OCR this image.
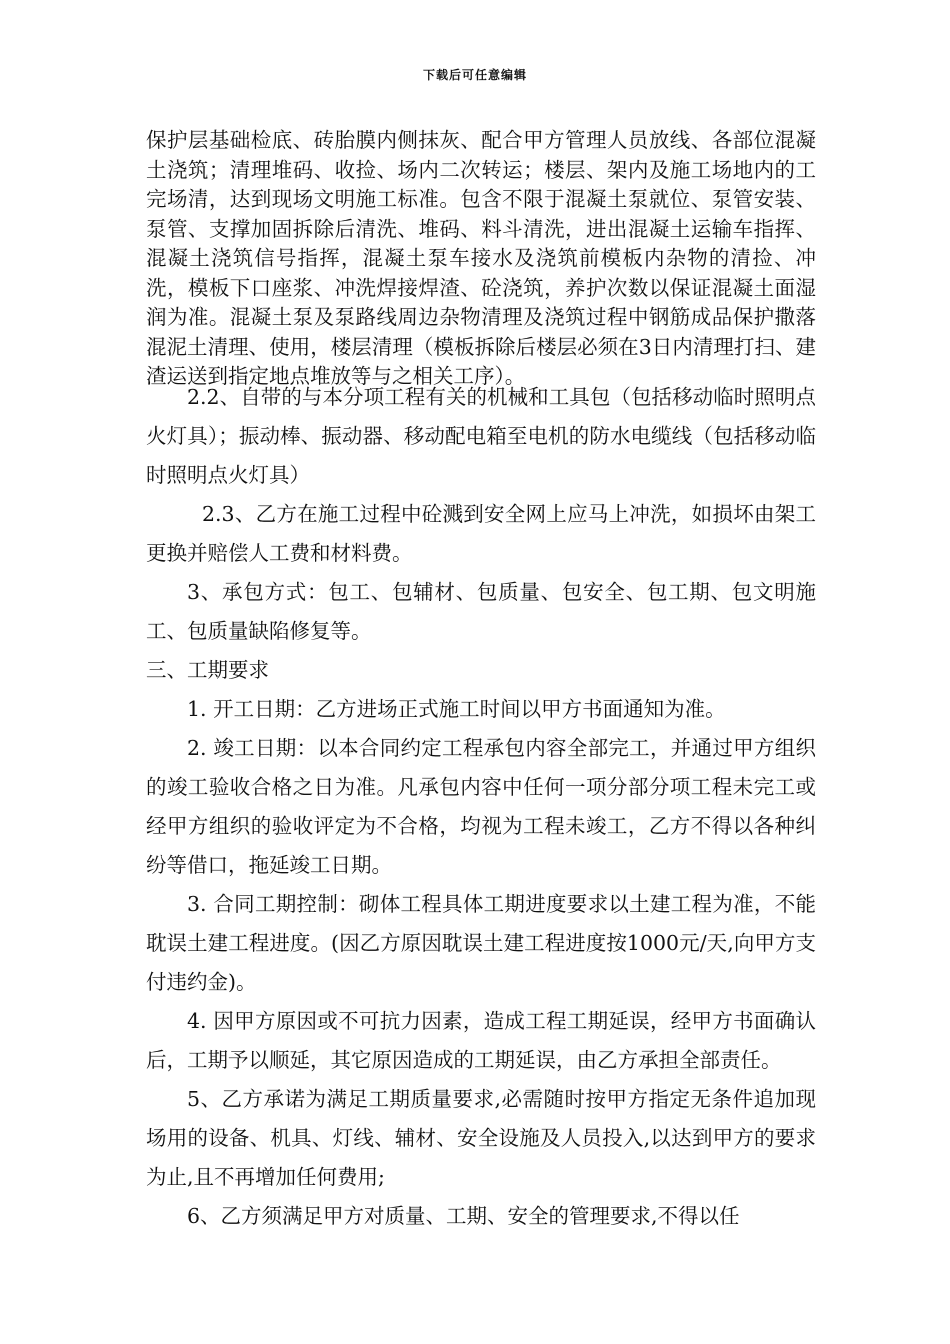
下载后可任意编辑
保护层基础检底、砖胎膜内侧抹灰、配合甲方管理人员放线、各部位混凝土浇筑；清理堆码、收捡、场内二次转运；楼层、架内及施工场地内的工完场清，达到现场文明施工标准。包含不限于混凝土泵就位、泵管安装、泵管、支撑加固拆除后清洗、堆码、料斗清洗，进出混凝土运输车指挥、混凝土浇筑信号指挥，混凝土泵车接水及浇筑前模板内杂物的清捡、冲洗，模板下口座浆、冲洗焊接焊渣、砼浇筑，养护次数以保证混凝土面湿润为准。混凝土泵及泵路线周边杂物清理及浇筑过程中钢筋成品保护撒落混泥土清理、使用，楼层清理（模板拆除后楼层必须在3日内清理打扫、建渣运送到指定地点堆放等与之相关工序）。

2.2、自带的与本分项工程有关的机械和工具包（包括移动临时照明点火灯具）；振动棒、振动器、移动配电箱至电机的防水电缆线（包括移动临时照明点火灯具）

2.3、乙方在施工过程中砼溅到安全网上应马上冲洗，如损坏由架工更换并赔偿人工费和材料费。

3、承包方式：包工、包辅材、包质量、包安全、包工期、包文明施工、包质量缺陷修复等。

三、工期要求

1. 开工日期：乙方进场正式施工时间以甲方书面通知为准。

2. 竣工日期：以本合同约定工程承包内容全部完工，并通过甲方组织的竣工验收合格之日为准。凡承包内容中任何一项分部分项工程未完工或经甲方组织的验收评定为不合格，均视为工程未竣工，乙方不得以各种纠纷等借口，拖延竣工日期。

3. 合同工期控制：砌体工程具体工期进度要求以土建工程为准，不能耽误土建工程进度。(因乙方原因耽误土建工程进度按1000元/天,向甲方支付违约金)。

4. 因甲方原因或不可抗力因素，造成工程工期延误，经甲方书面确认后，工期予以顺延，其它原因造成的工期延误，由乙方承担全部责任。

5、乙方承诺为满足工期质量要求,必需随时按甲方指定无条件追加现场用的设备、机具、灯线、辅材、安全设施及人员投入,以达到甲方的要求为止,且不再增加任何费用;

6、乙方须满足甲方对质量、工期、安全的管理要求,不得以任
